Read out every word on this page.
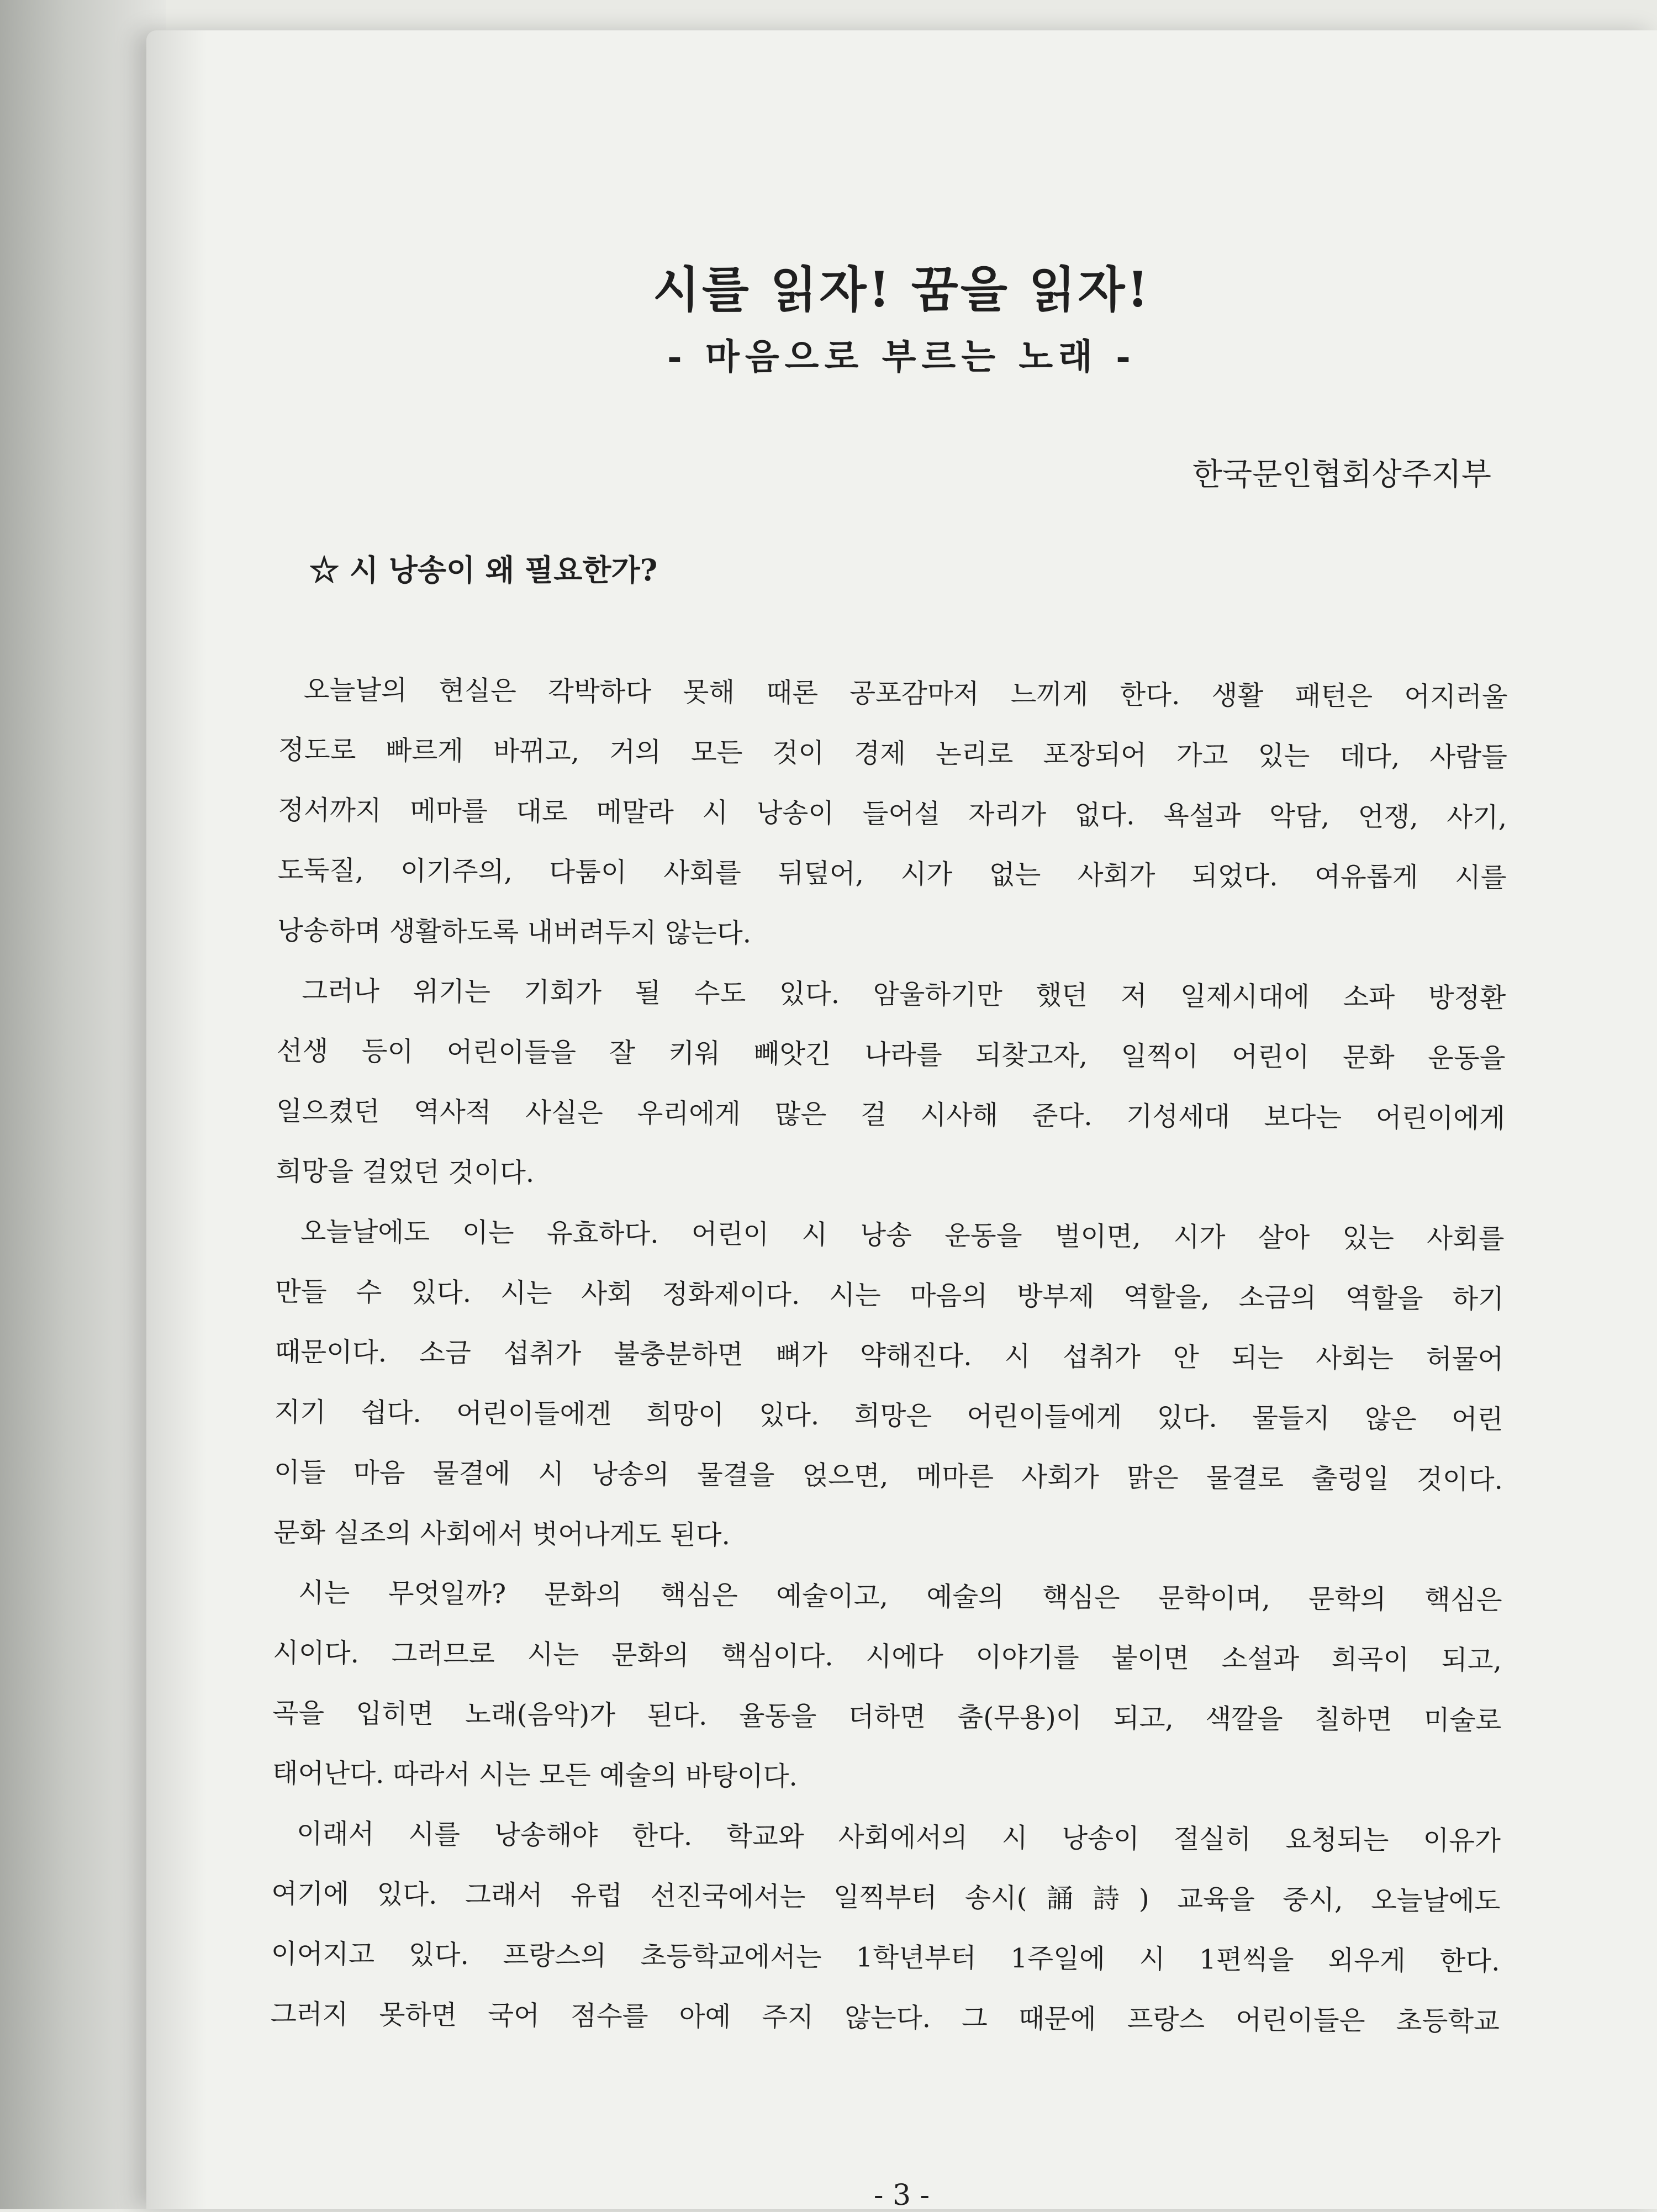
시를 읽자! 꿈을 읽자!
- 마음으로 부르는 노래 -

한국문인협회상주지부

☆ 시 낭송이 왜 필요한가?
오늘날의 현실은 각박하다 못해 때론 공포감마저 느끼게 한다. 생활 패턴은 어지러울
정도로 빠르게 바뀌고, 거의 모든 것이 경제 논리로 포장되어 가고 있는 데다, 사람들
정서까지 메마를 대로 메말라 시 낭송이 들어설 자리가 없다. 욕설과 악담, 언쟁, 사기,
도둑질, 이기주의, 다툼이 사회를 뒤덮어, 시가 없는 사회가 되었다. 여유롭게 시를
낭송하며 생활하도록 내버려두지 않는다.
그러나 위기는 기회가 될 수도 있다. 암울하기만 했던 저 일제시대에 소파 방정환
선생 등이 어린이들을 잘 키워 빼앗긴 나라를 되찾고자, 일찍이 어린이 문화 운동을
일으켰던 역사적 사실은 우리에게 많은 걸 시사해 준다. 기성세대 보다는 어린이에게
희망을 걸었던 것이다.
오늘날에도 이는 유효하다. 어린이 시 낭송 운동을 벌이면, 시가 살아 있는 사회를
만들 수 있다. 시는 사회 정화제이다. 시는 마음의 방부제 역할을, 소금의 역할을 하기
때문이다. 소금 섭취가 불충분하면 뼈가 약해진다. 시 섭취가 안 되는 사회는 허물어
지기 쉽다. 어린이들에겐 희망이 있다. 희망은 어린이들에게 있다. 물들지 않은 어린
이들 마음 물결에 시 낭송의 물결을 얹으면, 메마른 사회가 맑은 물결로 출렁일 것이다.
문화 실조의 사회에서 벗어나게도 된다.
시는 무엇일까? 문화의 핵심은 예술이고, 예술의 핵심은 문학이며, 문학의 핵심은
시이다. 그러므로 시는 문화의 핵심이다. 시에다 이야기를 붙이면 소설과 희곡이 되고,
곡을 입히면 노래(음악)가 된다. 율동을 더하면 춤(무용)이 되고, 색깔을 칠하면 미술로
태어난다. 따라서 시는 모든 예술의 바탕이다.
이래서 시를 낭송해야 한다. 학교와 사회에서의 시 낭송이 절실히 요청되는 이유가
여기에 있다. 그래서 유럽 선진국에서는 일찍부터 송시(誦詩) 교육을 중시, 오늘날에도
이어지고 있다. 프랑스의 초등학교에서는 1학년부터 1주일에 시 1편씩을 외우게 한다.
그러지 못하면 국어 점수를 아예 주지 않는다. 그 때문에 프랑스 어린이들은 초등학교

- 3 -
